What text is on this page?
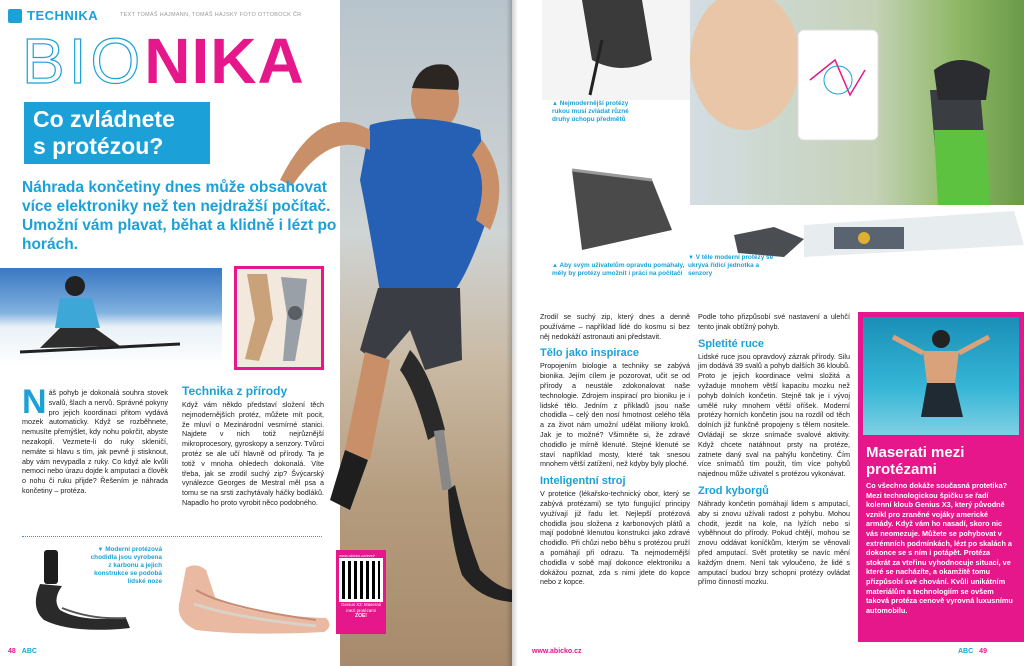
TECHNIKA	TEXT TOMÁŠ HAJMANN, TOMÁŠ HAJSKÝ FOTO OTTOBOCK ČR
BIONIKA
Co zvládnete
s protézou?
Náhrada končetiny dnes může obsahovat více elektroniky než ten nejdražší počítač. Umožní vám plavat, běhat a klidně i lézt po horách.
Náš pohyb je dokonalá souhra stovek svalů, šlach a nervů. Správné pokyny pro jejich koordinaci přitom vydává mozek automaticky. Když se rozběhnete, nemusíte přemýšlet, kdy nohu pokrčit, abyste nezakopli. Vezmete-li do ruky skleničí, nemáte si hlavu s tím, jak pevně ji stisknout, aby vám nevypadla z ruky. Co když ale kvůli nemoci nebo úrazu dojde k amputaci a člověk o nohu či ruku přijde? Řešením je náhrada končetiny – protéza.
Technika z přírody
Když vám někdo představí složení těch nejmodernějších protéz, můžete mít pocit, že mluví o Mezinárodní vesmírné stanici. Najdete v nich totiž nejrůznější mikroprocesory, gyroskopy a senzory. Tvůrci protéz se ale učí hlavně od přírody. Ta je totiž v mnoha ohledech dokonalá. Víte třeba, jak se zrodil suchý zip? Švýcarský vynálezce Georges de Mestral měl psa a tomu se na srsti zachytávaly háčky bodláků. Napadlo ho proto vyrobit něco podobného.
▼ Moderní protézová chodidla jsou vyrobena z karbonu a jejich konstrukce se podobá lidské noze
www.abicko.cz/svet/
Genius X3: Maserati mezi protézami
ZOE!
48 ABC
▲ Nejmodernější protézy rukou musí zvládat různé druhy úchopu předmětů
▲ Aby svým uživatelům opravdu pomáhaly, měly by protézy umožnit i práci na počítači
▼ V těle moderní protézy se ukrývá řídicí jednotka a senzory
Zrodil se suchý zip, který dnes a denně používáme – například lidé do kosmu si bez něj nedokáží astronauti ani představit.
Tělo jako inspirace
Propojením biologie a techniky se zabývá bionika. Jejím cílem je pozorovat, učit se od přírody a neustále zdokonalovat naše technologie. Zdrojem inspirací pro bioniku je i lidské tělo. Jedním z příkladů jsou naše chodidla – celý den nosí hmotnost celého těla a za život nám umožní udělat miliony kroků. Jak je to možné? Všimněte si, že zdravé chodidlo je mírně klenuté. Stejné klenuté se staví například mosty, které tak snesou mnohem větší zatížení, než kdyby byly ploché.
Inteligentní stroj
V protetice (lékařsko-technický obor, který se zabývá protézami) se tyto fungující principy využívají již řadu let. Nejlepší protézová chodidla jsou složena z karbonových plátů a mají podobné klenutou konstrukci jako zdravé chodidlo. Při chůzi nebo běhu s protézou pruží a pomáhají při odrazu. Ta nejmodernější chodidla v sobě mají dokonce elektroniku a dokážou poznat, zda s nimi jdete do kopce nebo z kopce.
Podle toho přizpůsobí své nastavení a ulehčí tento jinak obtížný pohyb.
Spletité ruce
Lidské ruce jsou opravdový zázrak přírody. Silu jim dodává 39 svalů a pohyb dalších 36 kloubů. Proto je jejich koordinace velmi složitá a vyžaduje mnohem větší kapacitu mozku než pohyb dolních končetin. Stejně tak je i vývoj umělé ruky mnohem větší oříšek. Moderní protézy horních končetin jsou na rozdíl od těch dolních již funkčně propojeny s tělem nositele. Ovládají se skrze snímače svalové aktivity. Když chcete natáhnout prsty na protéze, zatnete daný sval na pahýlu končetiny. Čím více snímačů tím použit, tím více pohybů najednou může uživatel s protézou vykonávat.
Zrod kyborgů
Náhrady končetin pomáhají lidem s amputací, aby si znovu užívali radost z pohybu. Mohou chodit, jezdit na kole, na lyžích nebo si vyběhnout do přírody. Pokud chtějí, mohou se znovu oddávat koníčkům, kterým se věnovali před amputací. Svět protetiky se navíc mění každým dnem. Není tak vyloučeno, že lidé s amputací budou brzy schopni protézy ovládat přímo činností mozku.
Maserati mezi protézami
Co všechno dokáže současná protetika? Mezi technologickou špičku se řadí kolenní kloub Genius X3, který původně vznikl pro zraněné vojáky americké armády. Když vám ho nasadí, skoro nic vás neomezuje. Můžete se pohybovat v extrémních podmínkách, lézt po skalách a dokonce se s ním i potápět. Protéza stokrát za vteřinu vyhodnocuje situaci, ve které se nacházíte, a okamžitě tomu přizpůsobí své chování. Kvůli unikátním materiálům a technologiím se ovšem taková protéza cenově vyrovná luxusnímu automobilu.
www.abicko.cz	ABC 49
